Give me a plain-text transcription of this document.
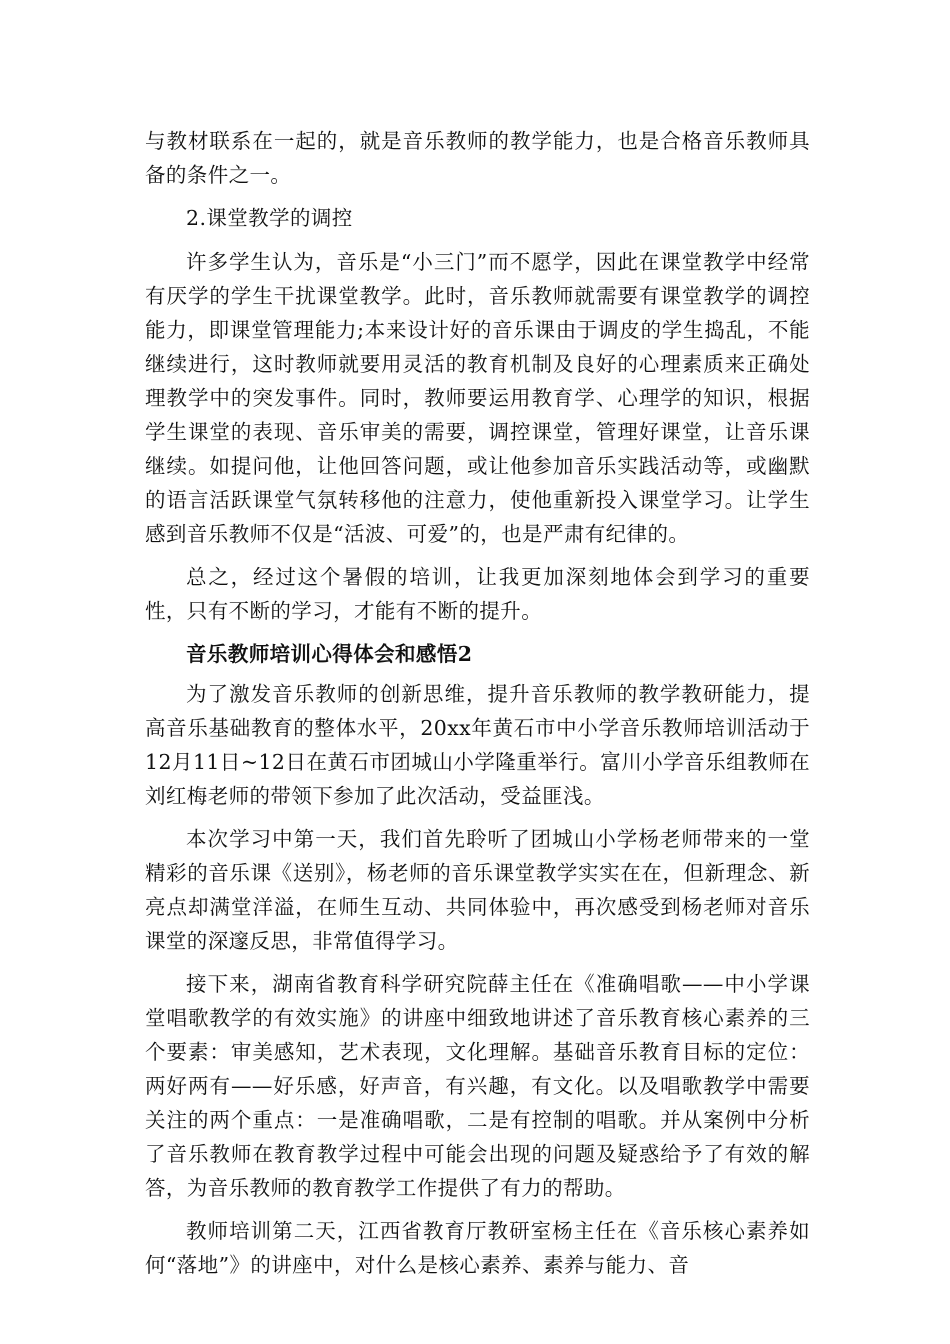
与教材联系在一起的，就是音乐教师的教学能力，也是合格音乐教师具备的条件之一。

2.课堂教学的调控

许多学生认为，音乐是“小三门”而不愿学，因此在课堂教学中经常有厌学的学生干扰课堂教学。此时，音乐教师就需要有课堂教学的调控能力，即课堂管理能力;本来设计好的音乐课由于调皮的学生捣乱，不能继续进行，这时教师就要用灵活的教育机制及良好的心理素质来正确处理教学中的突发事件。同时，教师要运用教育学、心理学的知识，根据学生课堂的表现、音乐审美的需要，调控课堂，管理好课堂，让音乐课继续。如提问他，让他回答问题，或让他参加音乐实践活动等，或幽默的语言活跃课堂气氛转移他的注意力，使他重新投入课堂学习。让学生感到音乐教师不仅是“活波、可爱”的，也是严肃有纪律的。

总之，经过这个暑假的培训，让我更加深刻地体会到学习的重要性，只有不断的学习，才能有不断的提升。

音乐教师培训心得体会和感悟2

为了激发音乐教师的创新思维，提升音乐教师的教学教研能力，提高音乐基础教育的整体水平，20xx年黄石市中小学音乐教师培训活动于12月11日~12日在黄石市团城山小学隆重举行。富川小学音乐组教师在刘红梅老师的带领下参加了此次活动，受益匪浅。

本次学习中第一天，我们首先聆听了团城山小学杨老师带来的一堂精彩的音乐课《送别》，杨老师的音乐课堂教学实实在在，但新理念、新亮点却满堂洋溢，在师生互动、共同体验中，再次感受到杨老师对音乐课堂的深邃反思，非常值得学习。

接下来，湖南省教育科学研究院薛主任在《准确唱歌——中小学课堂唱歌教学的有效实施》的讲座中细致地讲述了音乐教育核心素养的三个要素：审美感知，艺术表现，文化理解。基础音乐教育目标的定位：两好两有——好乐感，好声音，有兴趣，有文化。以及唱歌教学中需要关注的两个重点：一是准确唱歌，二是有控制的唱歌。并从案例中分析了音乐教师在教育教学过程中可能会出现的问题及疑惑给予了有效的解答，为音乐教师的教育教学工作提供了有力的帮助。

教师培训第二天，江西省教育厅教研室杨主任在《音乐核心素养如何“落地”》的讲座中，对什么是核心素养、素养与能力、音
